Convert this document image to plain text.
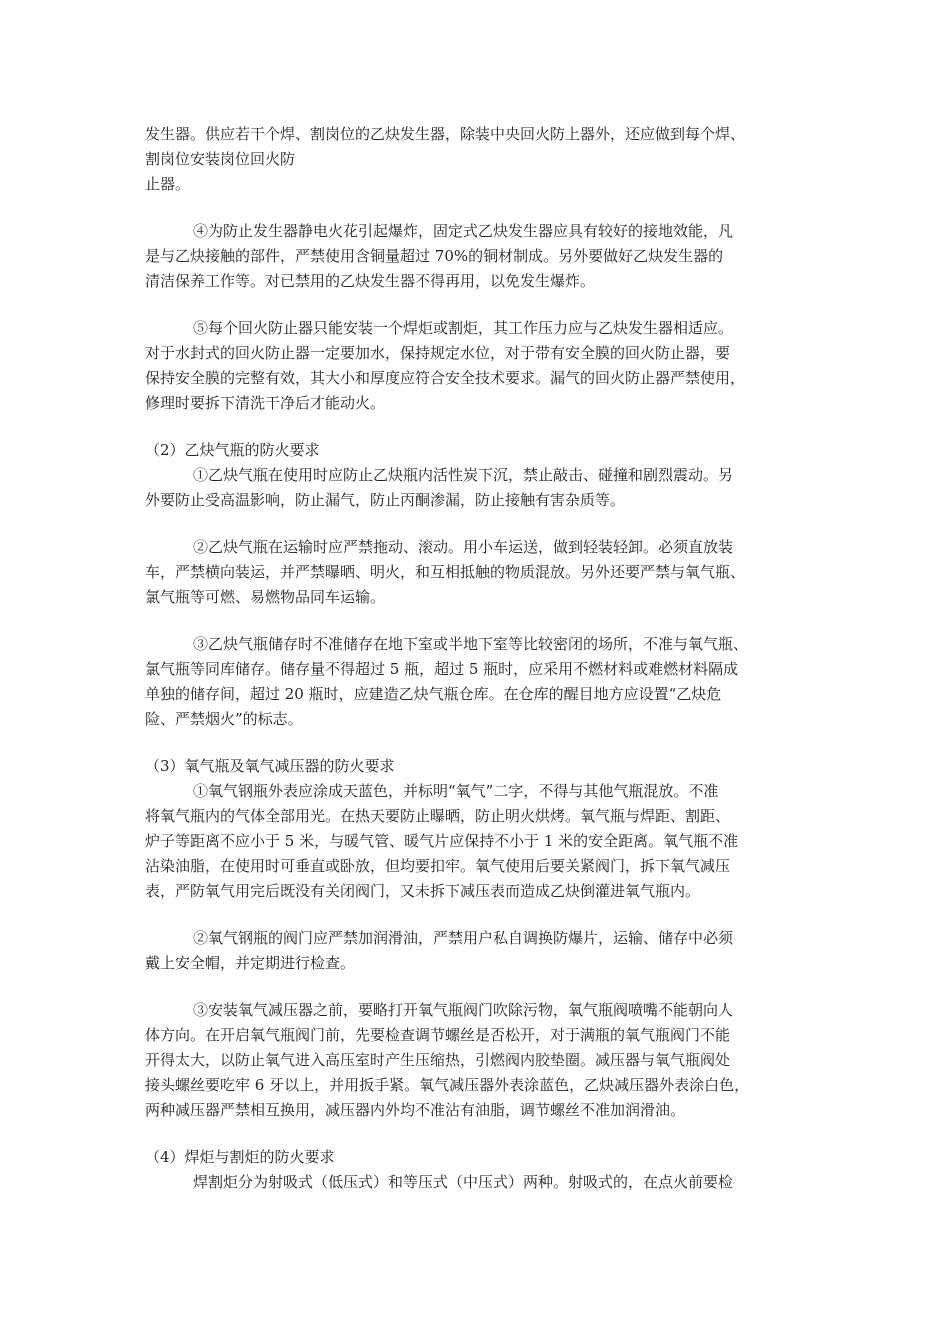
发生器。供应若干个焊、割岗位的乙炔发生器，除装中央回火防上器外，还应做到每个焊、
割岗位安装岗位回火防
止器。
④为防止发生器静电火花引起爆炸，固定式乙炔发生器应具有较好的接地效能，凡
是与乙炔接触的部件，严禁使用含铜量超过 70%的铜材制成。另外要做好乙炔发生器的
清洁保养工作等。对已禁用的乙炔发生器不得再用，以免发生爆炸。
⑤每个回火防止器只能安装一个焊炬或割炬，其工作压力应与乙炔发生器相适应。
对于水封式的回火防止器一定要加水，保持规定水位，对于带有安全膜的回火防止器，要
保持安全膜的完整有效，其大小和厚度应符合安全技术要求。漏气的回火防止器严禁使用，
修理时要拆下清洗干净后才能动火。
（2）乙炔气瓶的防火要求
①乙炔气瓶在使用时应防止乙炔瓶内活性炭下沉，禁止敲击、碰撞和剧烈震动。另
外要防止受高温影响，防止漏气，防止丙酮渗漏，防止接触有害杂质等。
②乙炔气瓶在运输时应严禁拖动、滚动。用小车运送，做到轻装轻卸。必须直放装
车，严禁横向装运，并严禁曝晒、明火，和互相抵触的物质混放。另外还要严禁与氧气瓶、
氯气瓶等可燃、易燃物品同车运输。
③乙炔气瓶储存时不准储存在地下室或半地下室等比较密闭的场所，不准与氧气瓶、
氯气瓶等同库储存。储存量不得超过 5 瓶，超过 5 瓶时，应采用不燃材料或难燃材料隔成
单独的储存间，超过 20 瓶时，应建造乙炔气瓶仓库。在仓库的醒目地方应设置“乙炔危
险、严禁烟火”的标志。
（3）氧气瓶及氧气减压器的防火要求
①氧气钢瓶外表应涂成天蓝色，并标明“氧气”二字，不得与其他气瓶混放。不准
将氧气瓶内的气体全部用光。在热天要防止曝晒，防止明火烘烤。氧气瓶与焊距、割距、
炉子等距离不应小于 5 米，与暖气管、暖气片应保持不小于 1 米的安全距离。氧气瓶不准
沾染油脂，在使用时可垂直或卧放，但均要扣牢。氧气使用后要关紧阀门，拆下氧气减压
表，严防氧气用完后既没有关闭阀门，又未拆下减压表而造成乙炔倒灌进氧气瓶内。
②氧气钢瓶的阀门应严禁加润滑油，严禁用户私自调换防爆片，运输、储存中必须
戴上安全帽，并定期进行检查。
③安装氧气减压器之前，要略打开氧气瓶阀门吹除污物，氧气瓶阀喷嘴不能朝向人
体方向。在开启氧气瓶阀门前，先要检查调节螺丝是否松开，对于满瓶的氧气瓶阀门不能
开得太大，以防止氧气进入高压室时产生压缩热，引燃阀内胶垫圈。减压器与氧气瓶阀处
接头螺丝要吃牢 6 牙以上，并用扳手紧。氧气减压器外表涂蓝色，乙炔减压器外表涂白色，
两种减压器严禁相互换用，减压器内外均不准沾有油脂，调节螺丝不准加润滑油。
（4）焊炬与割炬的防火要求
焊割炬分为射吸式（低压式）和等压式（中压式）两种。射吸式的，在点火前要检
